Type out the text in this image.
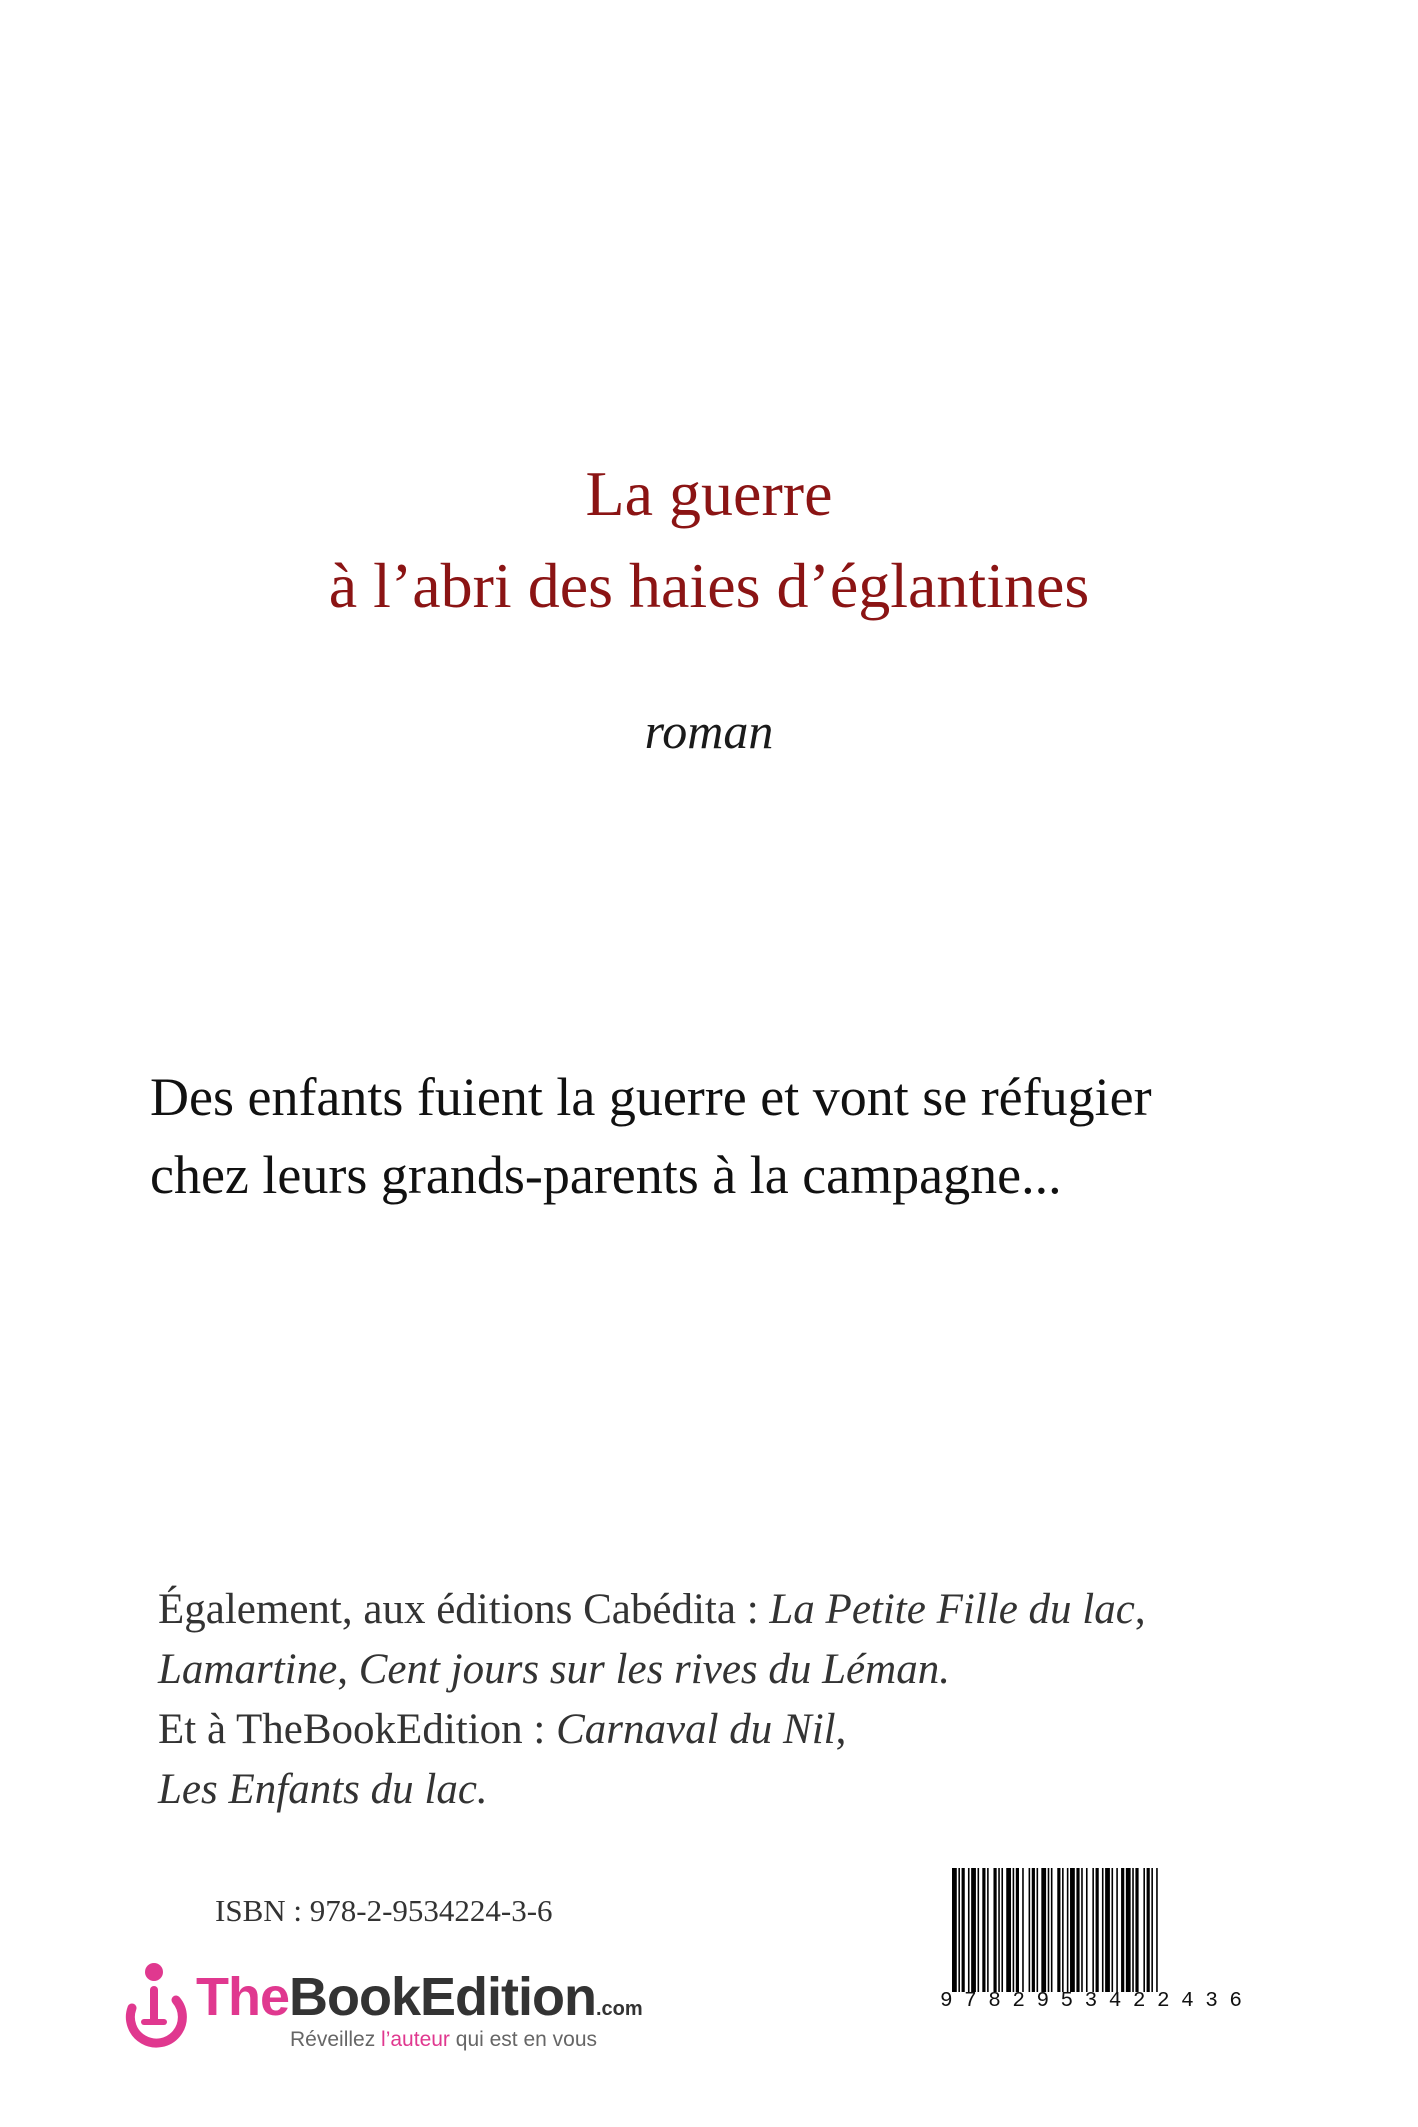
La guerre
à l’abri des haies d’églantines
roman
Des enfants fuient la guerre et vont se réfugier
chez leurs grands-parents à la campagne...
Également, aux éditions Cabédita : La Petite Fille du lac,
Lamartine, Cent jours sur les rives du Léman.
Et à TheBookEdition : Carnaval du Nil,
Les Enfants du lac.
ISBN : 978-2-9534224-3-6
9 7 8 2 9 5 3 4 2 2 4 3 6
TheBookEdition.com
Réveillez l’auteur qui est en vous
